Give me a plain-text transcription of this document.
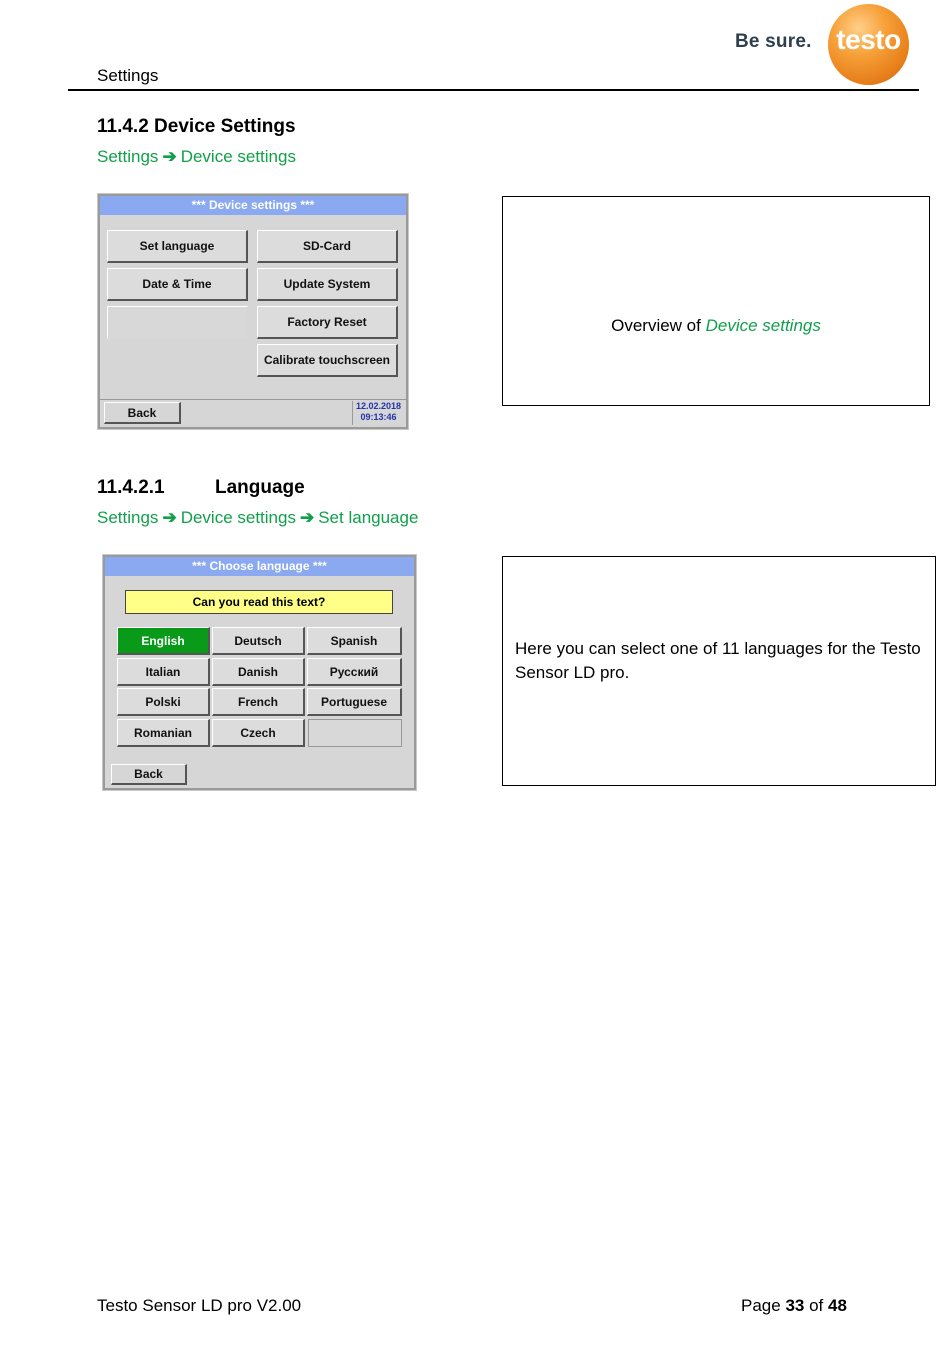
Settings
Be sure. testo
11.4.2 Device Settings
Settings ➔ Device settings
*** Device settings ***
Set language	SD-Card
Date & Time	Update System
Factory Reset
Calibrate touchscreen
Back	12.02.2018
09:13:46
Overview of Device settings
11.4.2.1	Language
Settings ➔ Device settings ➔ Set language
*** Choose language ***
Can you read this text?
English	Deutsch	Spanish
Italian	Danish	Русский
Polski	French	Portuguese
Romanian	Czech
Back
Here you can select one of 11 languages for the Testo Sensor LD pro.
Testo Sensor LD pro V2.00	Page 33 of 48
